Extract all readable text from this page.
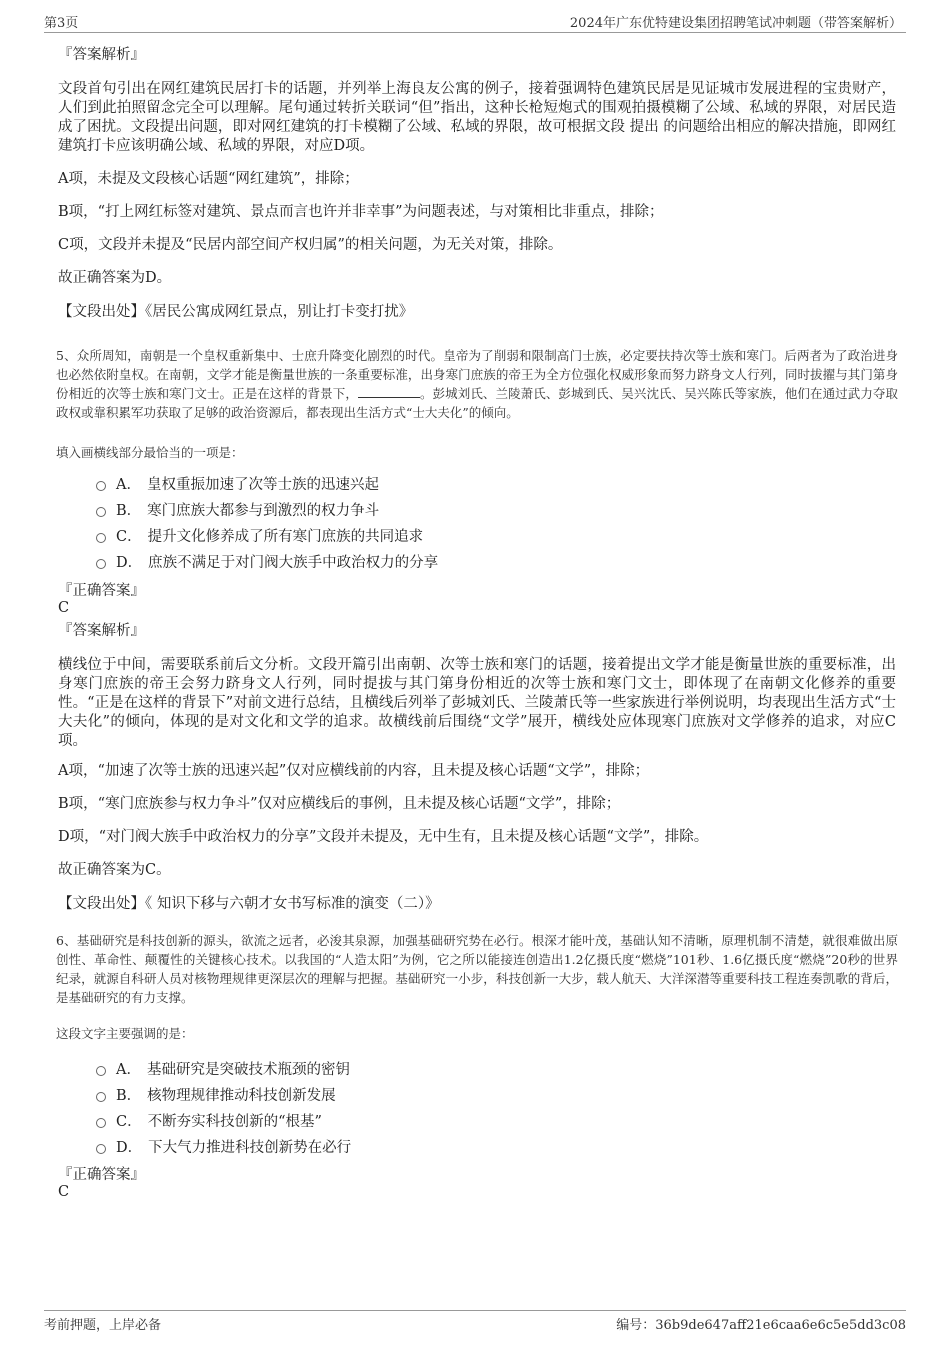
第3页	2024年广东优特建设集团招聘笔试冲刺题（带答案解析）
『答案解析』
文段首句引出在网红建筑民居打卡的话题，并列举上海良友公寓的例子，接着强调特色建筑民居是见证城市发展进程的宝贵财产，人们到此拍照留念完全可以理解。尾句通过转折关联词“但”指出，这种长枪短炮式的围观拍摄模糊了公域、私域的界限，对居民造成了困扰。文段提出问题，即对网红建筑的打卡模糊了公域、私域的界限，故可根据文段 提出 的问题给出相应的解决措施，即网红建筑打卡应该明确公域、私域的界限，对应D项。
A项，未提及文段核心话题“网红建筑”，排除；
B项，“打上网红标签对建筑、景点而言也许并非幸事”为问题表述，与对策相比非重点，排除；
C项，文段并未提及“民居内部空间产权归属”的相关问题，为无关对策，排除。
故正确答案为D。
【文段出处】《居民公寓成网红景点，别让打卡变打扰》
5、众所周知，南朝是一个皇权重新集中、士庶升降变化剧烈的时代。皇帝为了削弱和限制高门士族，必定要扶持次等士族和寒门。后两者为了政治进身也必然依附皇权。在南朝，文学才能是衡量世族的一条重要标准，出身寒门庶族的帝王为全方位强化权威形象而努力跻身文人行列，同时拔擢与其门第身份相近的次等士族和寒门文士。正是在这样的背景下，	。彭城刘氏、兰陵萧氏、彭城到氏、吴兴沈氏、吴兴陈氏等家族，他们在通过武力夺取政权或靠积累军功获取了足够的政治资源后，都表现出生活方式“士大夫化”的倾向。
填入画横线部分最恰当的一项是：
A． 皇权重振加速了次等士族的迅速兴起
B． 寒门庶族大都参与到激烈的权力争斗
C． 提升文化修养成了所有寒门庶族的共同追求
D． 庶族不满足于对门阀大族手中政治权力的分享
『正确答案』
C
『答案解析』
横线位于中间，需要联系前后文分析。文段开篇引出南朝、次等士族和寒门的话题，接着提出文学才能是衡量世族的重要标准，出身寒门庶族的帝王会努力跻身文人行列，同时提拔与其门第身份相近的次等士族和寒门文士，即体现了在南朝文化修养的重要性。“正是在这样的背景下”对前文进行总结，且横线后列举了彭城刘氏、兰陵萧氏等一些家族进行举例说明，均表现出生活方式“士大夫化”的倾向，体现的是对文化和文学的追求。故横线前后围绕“文学”展开，横线处应体现寒门庶族对文学修养的追求，对应C项。
A项，“加速了次等士族的迅速兴起”仅对应横线前的内容，且未提及核心话题“文学”，排除；
B项，“寒门庶族参与权力争斗”仅对应横线后的事例，且未提及核心话题“文学”，排除；
D项，“对门阀大族手中政治权力的分享”文段并未提及，无中生有，且未提及核心话题“文学”，排除。
故正确答案为C。
【文段出处】《 知识下移与六朝才女书写标准的演变（二）》
6、基础研究是科技创新的源头，欲流之远者，必浚其泉源，加强基础研究势在必行。根深才能叶茂，基础认知不清晰，原理机制不清楚，就很难做出原创性、革命性、颠覆性的关键核心技术。以我国的“人造太阳”为例，它之所以能接连创造出1.2亿摄氏度“燃烧”101秒、1.6亿摄氏度“燃烧”20秒的世界纪录，就源自科研人员对核物理规律更深层次的理解与把握。基础研究一小步，科技创新一大步，载人航天、大洋深潜等重要科技工程连奏凯歌的背后，是基础研究的有力支撑。
这段文字主要强调的是：
A． 基础研究是突破技术瓶颈的密钥
B． 核物理规律推动科技创新发展
C． 不断夯实科技创新的“根基”
D． 下大气力推进科技创新势在必行
『正确答案』
C
考前押题，上岸必备	编号：36b9de647aff21e6caa6e6c5e5dd3c08
